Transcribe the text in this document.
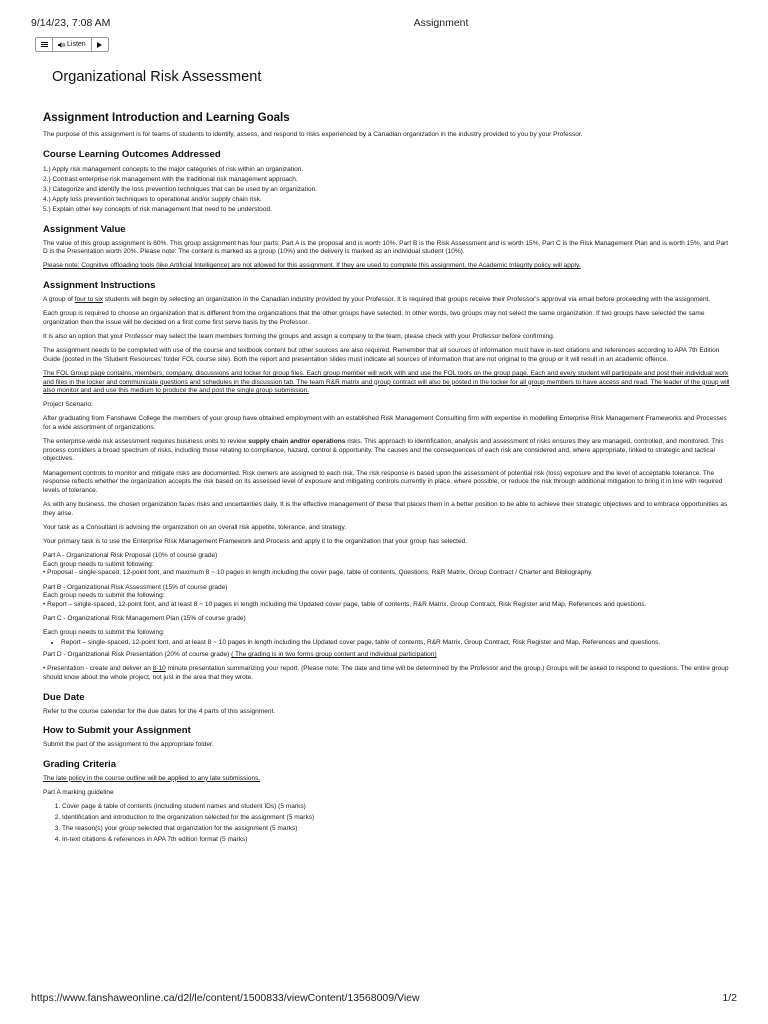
9/14/23, 7:08 AM	Assignment
Listen
Organizational Risk Assessment
Assignment Introduction and Learning Goals

The purpose of this assignment is for teams of students to identify, assess, and respond to risks experienced by a Canadian organization in the industry provided to you by your Professor.

Course Learning Outcomes Addressed
1.) Apply risk management concepts to the major categories of risk within an organization.
2.) Contrast enterprise risk management with the traditional risk management approach.
3.) Categorize and identify the loss prevention techniques that can be used by an organization.
4.) Apply loss prevention techniques to operational and/or supply chain risk.
5.) Explain other key concepts of risk management that need to be understood.
Assignment Value

The value of this group assignment is 60%. This group assignment has four parts; Part A is the proposal and is worth 10%, Part B is the Risk Assessment and is worth 15%, Part C is the Risk Management Plan and is worth 15%, and Part D is the Presentation worth 20%. Please note: The content is marked as a group (10%) and the delivery is marked as an individual student (10%).

Please note: Cognitive offloading tools (like Artificial Intelligence) are not allowed for this assignment. If they are used to complete this assignment, the Academic Integrity policy will apply.

Assignment Instructions

A group of four to six students will begin by selecting an organization in the Canadian industry provided by your Professor. It is required that groups receive their Professor's approval via email before proceeding with the assignment.

Each group is required to choose an organization that is different from the organizations that the other groups have selected. In other words, two groups may not select the same organization. If two groups have selected the same organization then the issue will be decided on a first come first serve basis by the Professor.

It is also an option that your Professor may select the team members forming the groups and assign a company to the team, please check with your Professor before confirming.

The assignment needs to be completed with use of the course and textbook content but other sources are also required. Remember that all sources of information must have in-text citations and references according to APA 7th Edition Guide (posted in the 'Student Resources' folder FOL course site). Both the report and presentation slides must indicate all sources of information that are not original to the group or it will result in an academic offence.

The FOL Group page contains, members, company, discussions and locker for group files. Each group member will work with and use the FOL tools on the group page. Each and every student will participate and post their individual work and files in the locker and communicate questions and schedules in the discussion tab. The team R&R matrix and group contract will also be posted in the locker for all group members to have access and read. The leader of the group will also monitor and and use this medium to produce the and post the single group submission.

Project Scenario:

After graduating from Fanshawe College the members of your group have obtained employment with an established Risk Management Consulting firm with expertise in modelling Enterprise Risk Management Frameworks and Processes for a wide assortment of organizations.

The enterprise-wide risk assessment requires business units to review supply chain and/or operations risks. This approach to identification, analysis and assessment of risks ensures they are managed, controlled, and monitored. This process considers a broad spectrum of risks, including those relating to compliance, hazard, control & opportunity. The causes and the consequences of each risk are considered and, where appropriate, linked to strategic and tactical objectives.

Management controls to monitor and mitigate risks are documented. Risk owners are assigned to each risk. The risk response is based upon the assessment of potential risk (loss) exposure and the level of acceptable tolerance. The response reflects whether the organization accepts the risk based on its assessed level of exposure and mitigating controls currently in place, where possible, or reduce the risk through additional mitigation to bring it in line with required levels of tolerance.

As with any business, the chosen organization faces risks and uncertainties daily. It is the effective management of these that places them in a better position to be able to achieve their strategic objectives and to embrace opportunities as they arise.

Your task as a Consultant is advising the organization on an overall risk appetite, tolerance, and strategy.

Your primary task is to use the Enterprise Risk Management Framework and Process and apply it to the organization that your group has selected.

Part A - Organizational Risk Proposal (10% of course grade)

Each group needs to submit following:

• Proposal - single-spaced, 12-point font, and maximum 8 ~ 10 pages in length including the cover page, table of contents, Questions, R&R Matrix, Group Contract / Charter and Bibliography.

Part B - Organizational Risk Assessment (15% of course grade)

Each group needs to submit the following:

• Report – single-spaced, 12-point font, and at least 8 ~ 10 pages in length including the Updated cover page, table of contents, R&R Matrix, Group Contract, Risk Register and Map, References and questions.

Part C - Organizational Risk Management Plan (15% of course grade)

Each group needs to submit the following:

• Report – single-spaced, 12-point font, and at least 8 ~ 10 pages in length including the Updated cover page, table of contents, R&R Matrix, Group Contract, Risk Register and Map, References and questions.

Part D - Organizational Risk Presentation (20% of course grade) ( The grading is in two forms group content and individual participation)

• Presentation - create and deliver an 8-10 minute presentation summarizing your report. (Please note: The date and time will be determined by the Professor and the group.) Groups will be asked to respond to questions. The entire group should know about the whole project, not just in the area that they wrote.

Due Date

Refer to the course calendar for the due dates for the 4 parts of this assignment.

How to Submit your Assignment

Submit the part of the assignment to the appropriate folder.

Grading Criteria

The late policy in the course outline will be applied to any late submissions.

Part A marking guideline

1. Cover page & table of contents (including student names and student IDs) (5 marks)
2. Identification and introduction to the organization selected for the assignment (5 marks)
3. The reason(s) your group selected that organization for the assignment (5 marks)
4. In-text citations & references in APA 7th edition format (5 marks)
https://www.fanshaweonline.ca/d2l/le/content/1500833/viewContent/13568009/View	1/2
